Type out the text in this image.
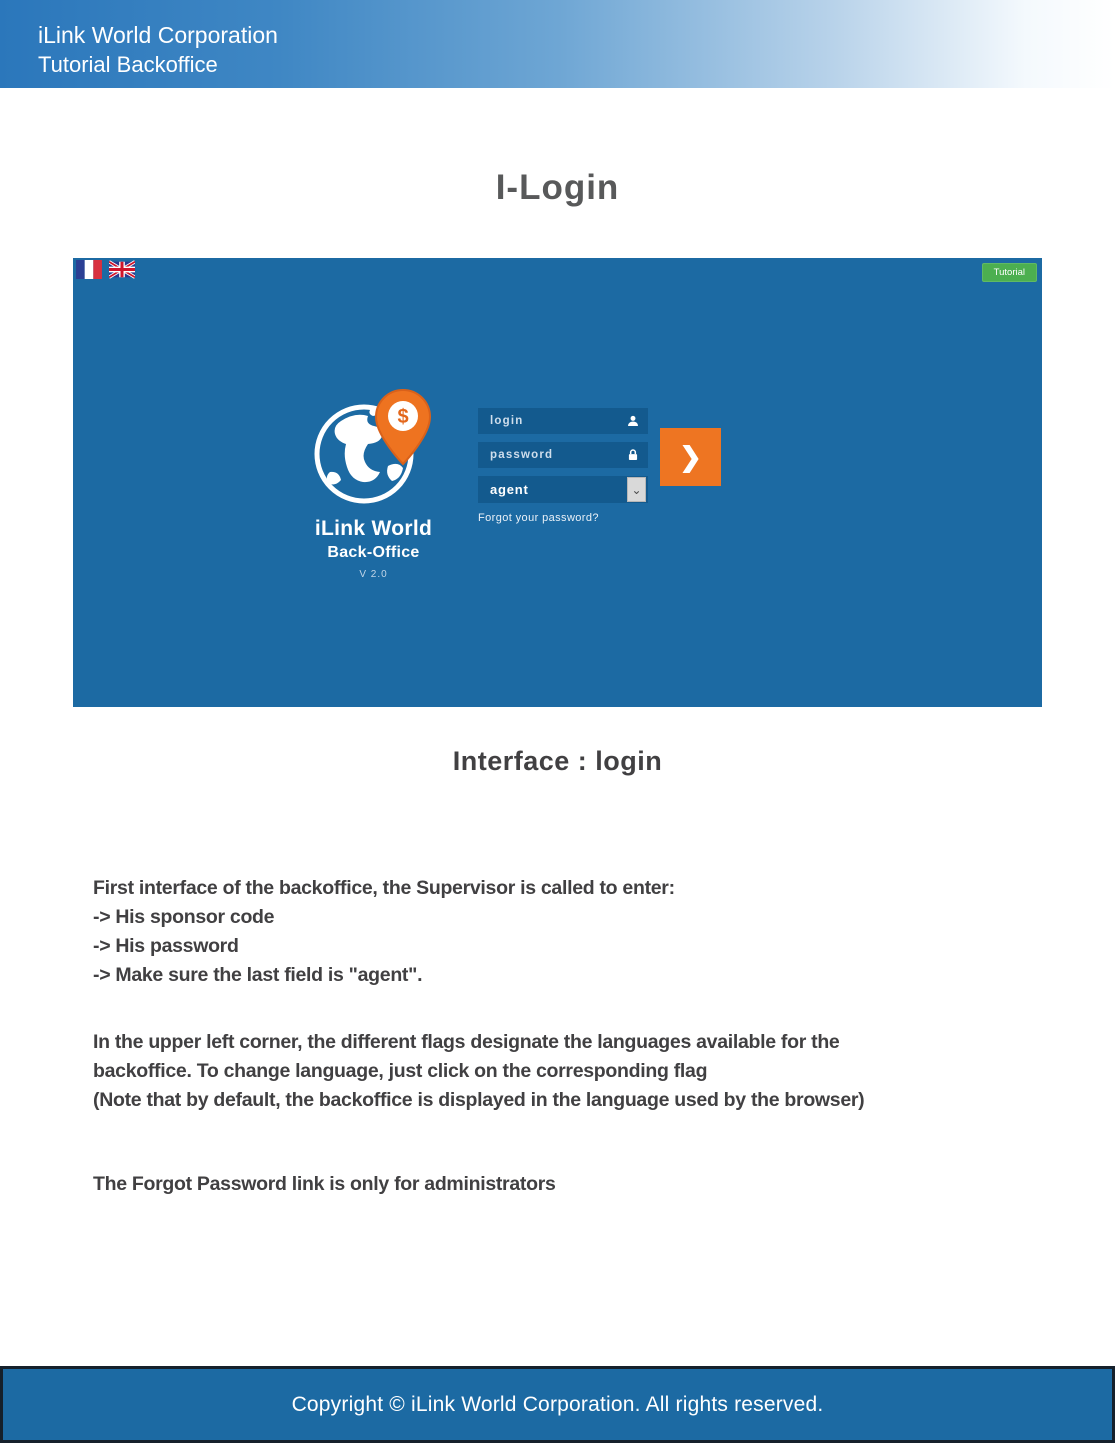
iLink World Corporation
Tutorial Backoffice
I-Login
Tutorial
$
iLink World
Back-Office
V 2.0
login
agent	⌄
Forgot your password?
❯
Interface : login
First interface of the backoffice, the Supervisor is called to enter:
-> His sponsor code
-> His password
-> Make sure the last field is "agent".
In the upper left corner, the different flags designate the languages available for the
backoffice. To change language, just click on the corresponding flag
(Note that by default, the backoffice is displayed in the language used by the browser)
The Forgot Password link is only for administrators
Copyright © iLink World Corporation. All rights reserved.
